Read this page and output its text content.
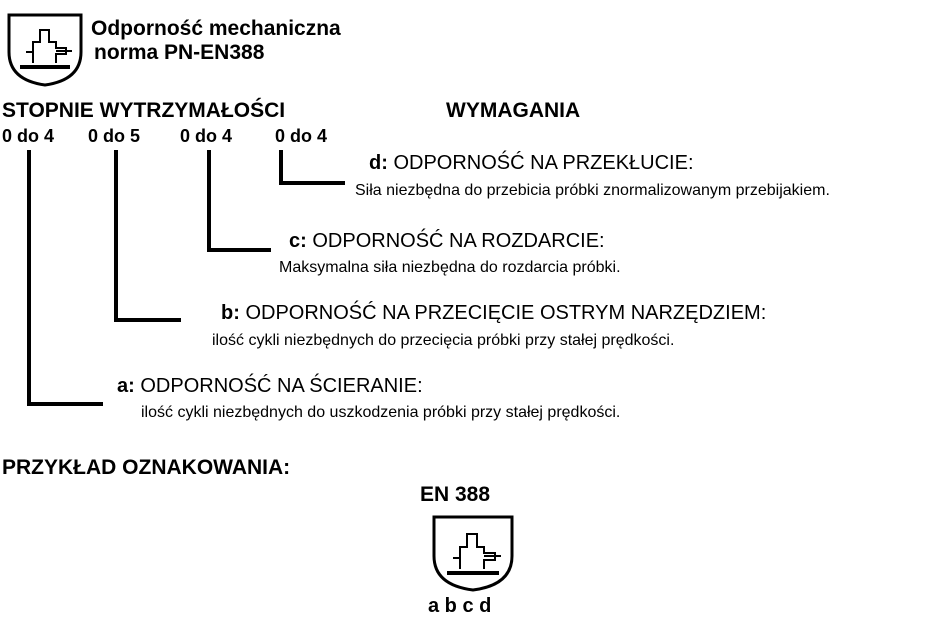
Odporność mechaniczna
norma PN-EN388
STOPNIE WYTRZYMAŁOŚCI	WYMAGANIA
0 do 4 0 do 5 0 do 4 0 do 4
d: ODPORNOŚĆ NA PRZEKŁUCIE:
Siła niezbędna do przebicia próbki znormalizowanym przebijakiem.
c: ODPORNOŚĆ NA ROZDARCIE:
Maksymalna siła niezbędna do rozdarcia próbki.
b: ODPORNOŚĆ NA PRZECIĘCIE OSTRYM NARZĘDZIEM:
ilość cykli niezbędnych do przecięcia próbki przy stałej prędkości.
a: ODPORNOŚĆ NA ŚCIERANIE:
ilość cykli niezbędnych do uszkodzenia próbki przy stałej prędkości.
PRZYKŁAD OZNAKOWANIA:
EN 388
a b c d
